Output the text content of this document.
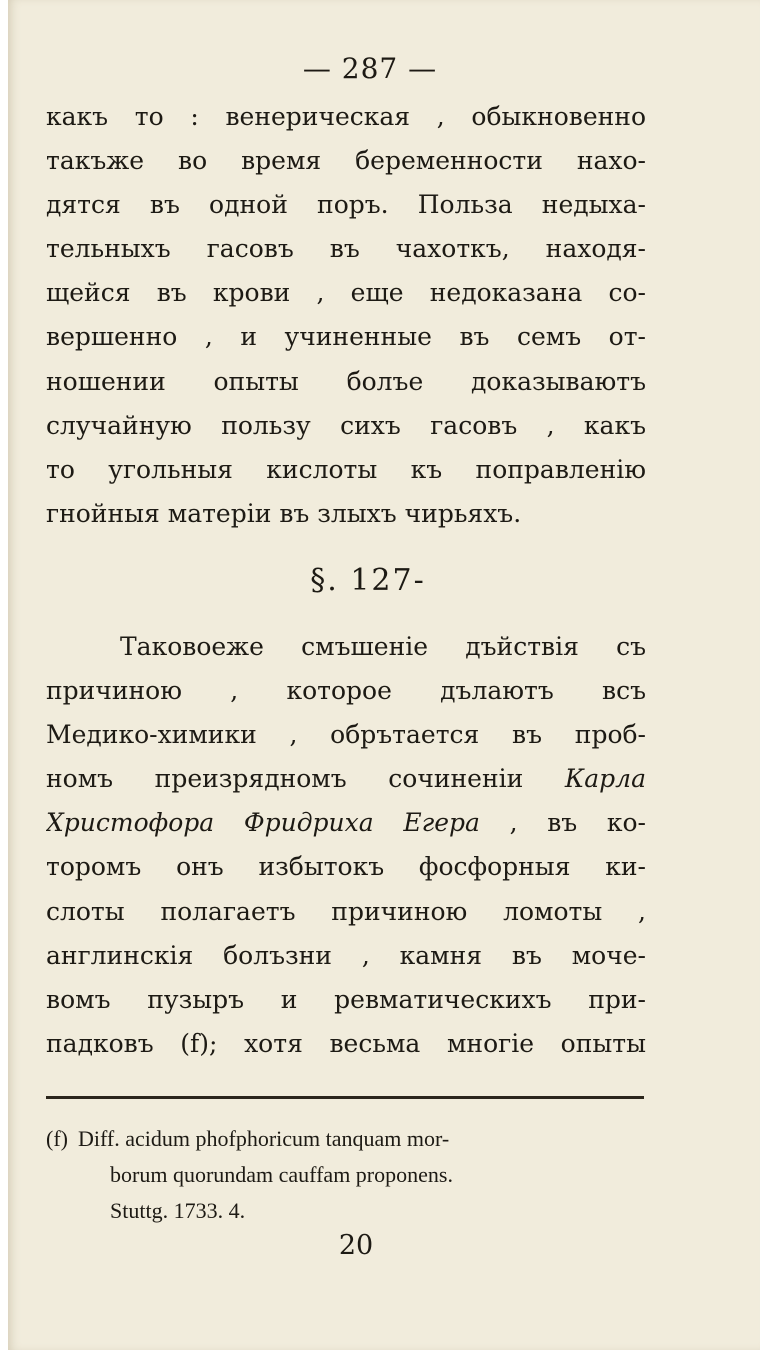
— 287 —
какъ то : венерическая , обыкновенно
такъже во время беременности нахо-
дятся въ одной поръ. Польза недыха-
тельныхъ гасовъ въ чахоткъ, находя-
щейся въ крови , еще недоказана со-
вершенно , и учиненные въ семъ от-
ношении опыты болъе доказываютъ
случайную пользу сихъ гасовъ , какъ
то угольныя кислоты къ поправленію
гнойныя матеріи въ злыхъ чирьяхъ.
§. 127-
Таковоеже смъшеніе дъйствія съ
причиною , которое дълаютъ всъ
Медико-химики , обрътается въ проб-
номъ преизрядномъ сочиненіи Карла
Христофора Фридриха Егера , въ ко-
торомъ онъ избытокъ фосфорныя ки-
слоты полагаетъ причиною ломоты ,
англинскія болъзни , камня въ моче-
вомъ пузыръ и ревматическихъ при-
падковъ (f); хотя весьма многіе опыты
(f) Diff. acidum phofphoricum tanquam mor-
borum quorundam cauffam proponens.
Stuttg. 1733. 4.
20
